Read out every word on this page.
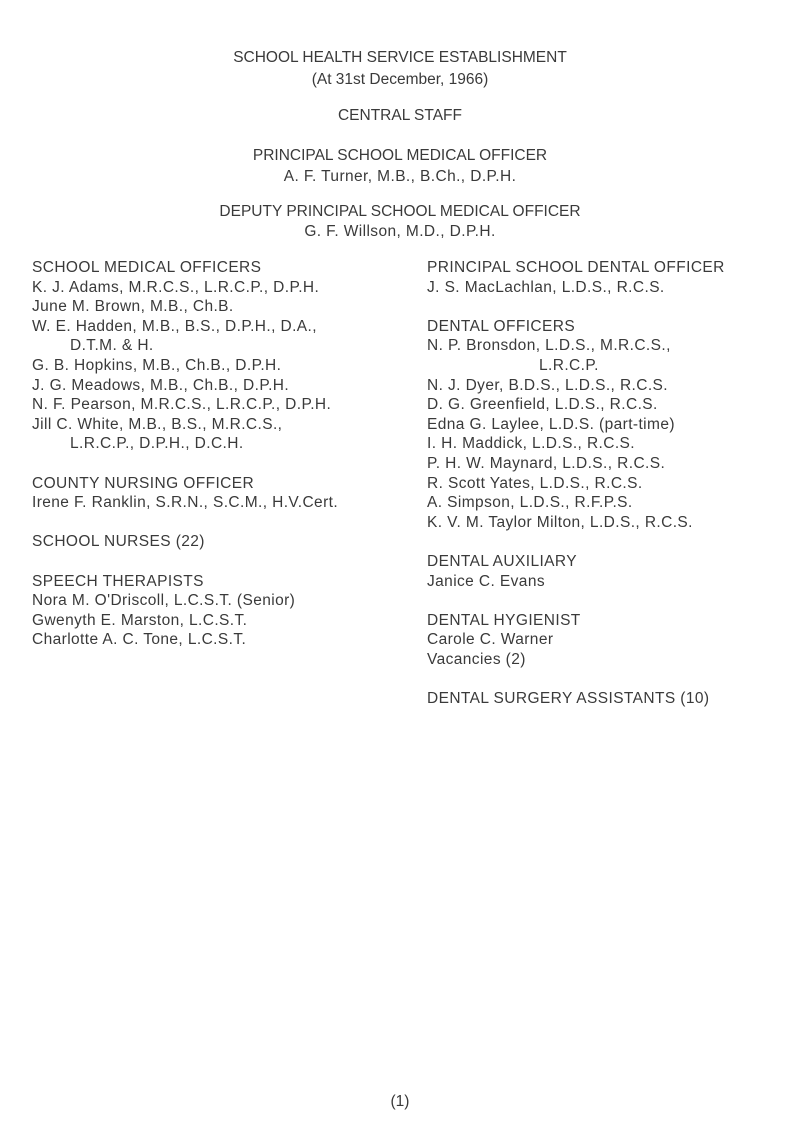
SCHOOL HEALTH SERVICE ESTABLISHMENT
(At 31st December, 1966)
CENTRAL STAFF
PRINCIPAL SCHOOL MEDICAL OFFICER
A. F. Turner, M.B., B.Ch., D.P.H.
DEPUTY PRINCIPAL SCHOOL MEDICAL OFFICER
G. F. Willson, M.D., D.P.H.
SCHOOL MEDICAL OFFICERS
K. J. Adams, M.R.C.S., L.R.C.P., D.P.H.
June M. Brown, M.B., Ch.B.
W. E. Hadden, M.B., B.S., D.P.H., D.A.,
D.T.M. & H.
G. B. Hopkins, M.B., Ch.B., D.P.H.
J. G. Meadows, M.B., Ch.B., D.P.H.
N. F. Pearson, M.R.C.S., L.R.C.P., D.P.H.
Jill C. White, M.B., B.S., M.R.C.S.,
L.R.C.P., D.P.H., D.C.H.
COUNTY NURSING OFFICER
Irene F. Ranklin, S.R.N., S.C.M., H.V.Cert.
SCHOOL NURSES (22)
SPEECH THERAPISTS
Nora M. O'Driscoll, L.C.S.T. (Senior)
Gwenyth E. Marston, L.C.S.T.
Charlotte A. C. Tone, L.C.S.T.
PRINCIPAL SCHOOL DENTAL OFFICER
J. S. MacLachlan, L.D.S., R.C.S.
DENTAL OFFICERS
N. P. Bronsdon, L.D.S., M.R.C.S.,
L.R.C.P.
N. J. Dyer, B.D.S., L.D.S., R.C.S.
D. G. Greenfield, L.D.S., R.C.S.
Edna G. Laylee, L.D.S. (part-time)
I. H. Maddick, L.D.S., R.C.S.
P. H. W. Maynard, L.D.S., R.C.S.
R. Scott Yates, L.D.S., R.C.S.
A. Simpson, L.D.S., R.F.P.S.
K. V. M. Taylor Milton, L.D.S., R.C.S.
DENTAL AUXILIARY
Janice C. Evans
DENTAL HYGIENIST
Carole C. Warner
Vacancies (2)
DENTAL SURGERY ASSISTANTS (10)
(1)
